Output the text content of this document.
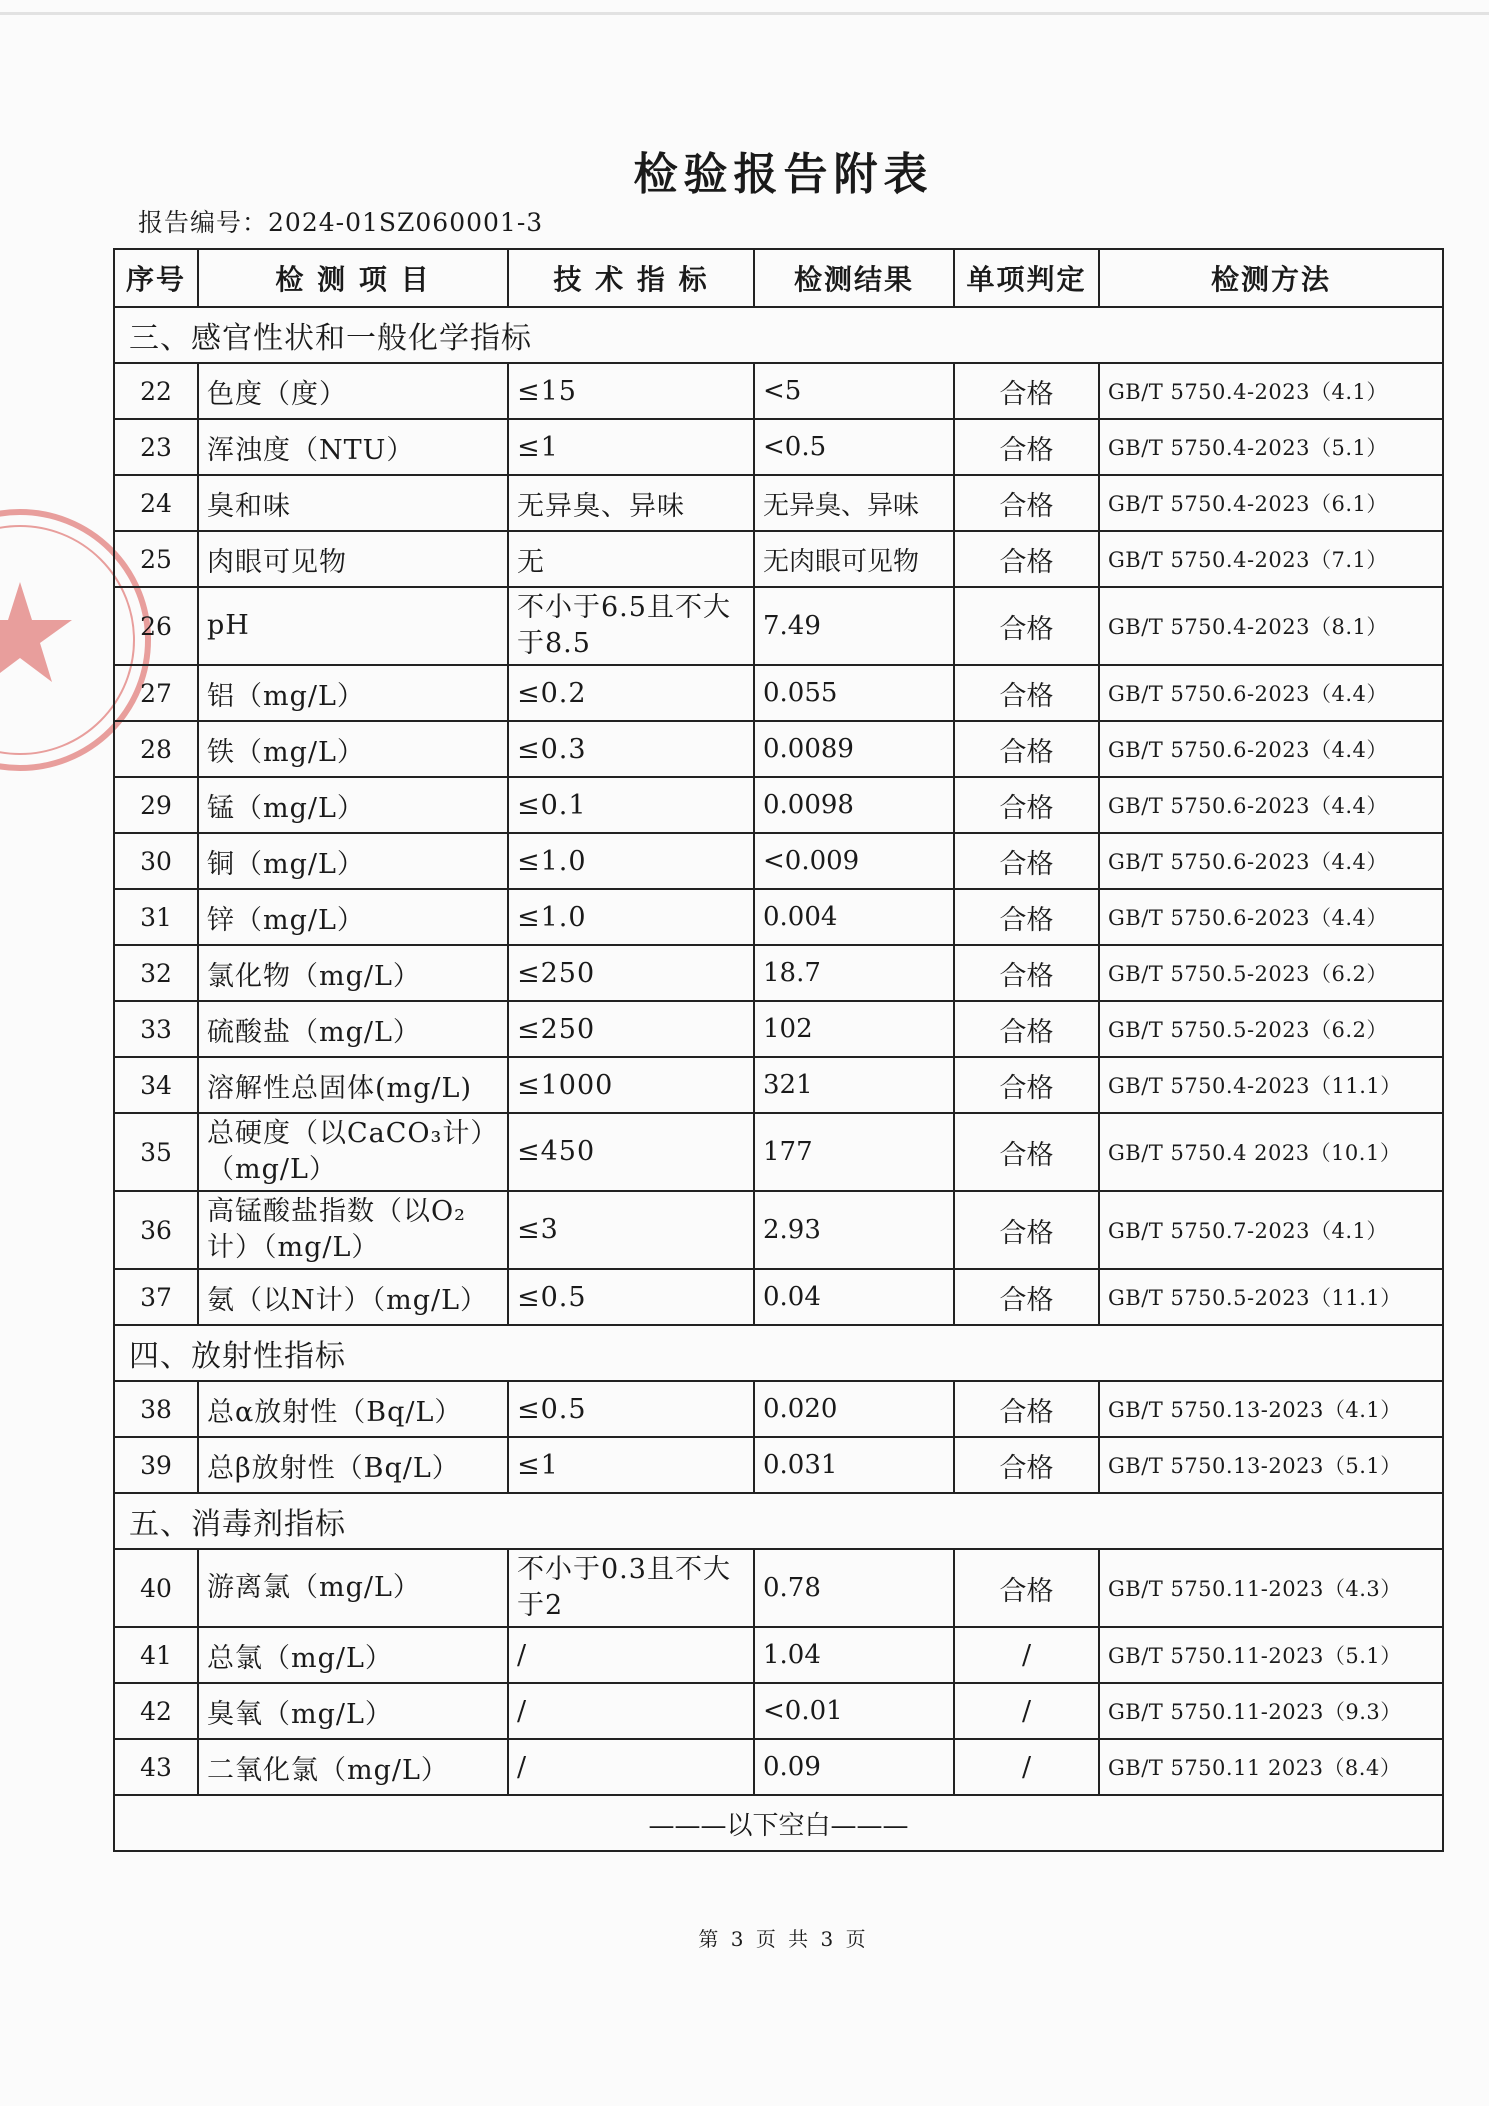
检验报告附表
报告编号：2024-01SZ060001-3
序号	检 测 项 目	技 术 指 标	检测结果	单项判定	检测方法
三、感官性状和一般化学指标					
22	色度（度）	≤15	<5	合格	GB/T 5750.4-2023（4.1）
23	浑浊度（NTU）	≤1	<0.5	合格	GB/T 5750.4-2023（5.1）
24	臭和味	无异臭、异味	无异臭、异味	合格	GB/T 5750.4-2023（6.1）
25	肉眼可见物	无	无肉眼可见物	合格	GB/T 5750.4-2023（7.1）
26	pH	不小于6.5且不大于8.5	7.49	合格	GB/T 5750.4-2023（8.1）
27	铝（mg/L）	≤0.2	0.055	合格	GB/T 5750.6-2023（4.4）
28	铁（mg/L）	≤0.3	0.0089	合格	GB/T 5750.6-2023（4.4）
29	锰（mg/L）	≤0.1	0.0098	合格	GB/T 5750.6-2023（4.4）
30	铜（mg/L）	≤1.0	<0.009	合格	GB/T 5750.6-2023（4.4）
31	锌（mg/L）	≤1.0	0.004	合格	GB/T 5750.6-2023（4.4）
32	氯化物（mg/L）	≤250	18.7	合格	GB/T 5750.5-2023（6.2）
33	硫酸盐（mg/L）	≤250	102	合格	GB/T 5750.5-2023（6.2）
34	溶解性总固体(mg/L)	≤1000	321	合格	GB/T 5750.4-2023（11.1）
35	总硬度（以CaCO₃计）（mg/L）	≤450	177	合格	GB/T 5750.4 2023（10.1）
36	高锰酸盐指数（以O₂计）（mg/L）	≤3	2.93	合格	GB/T 5750.7-2023（4.1）
37	氨（以N计）（mg/L）	≤0.5	0.04	合格	GB/T 5750.5-2023（11.1）
四、放射性指标					
38	总α放射性（Bq/L）	≤0.5	0.020	合格	GB/T 5750.13-2023（4.1）
39	总β放射性（Bq/L）	≤1	0.031	合格	GB/T 5750.13-2023（5.1）
五、消毒剂指标					
40	游离氯（mg/L）	不小于0.3且不大于2	0.78	合格	GB/T 5750.11-2023（4.3）
41	总氯（mg/L）	/	1.04	/	GB/T 5750.11-2023（5.1）
42	臭氧（mg/L）	/	<0.01	/	GB/T 5750.11-2023（9.3）
43	二氧化氯（mg/L）	/	0.09	/	GB/T 5750.11 2023（8.4）
———以下空白———					
第 3 页 共 3 页
